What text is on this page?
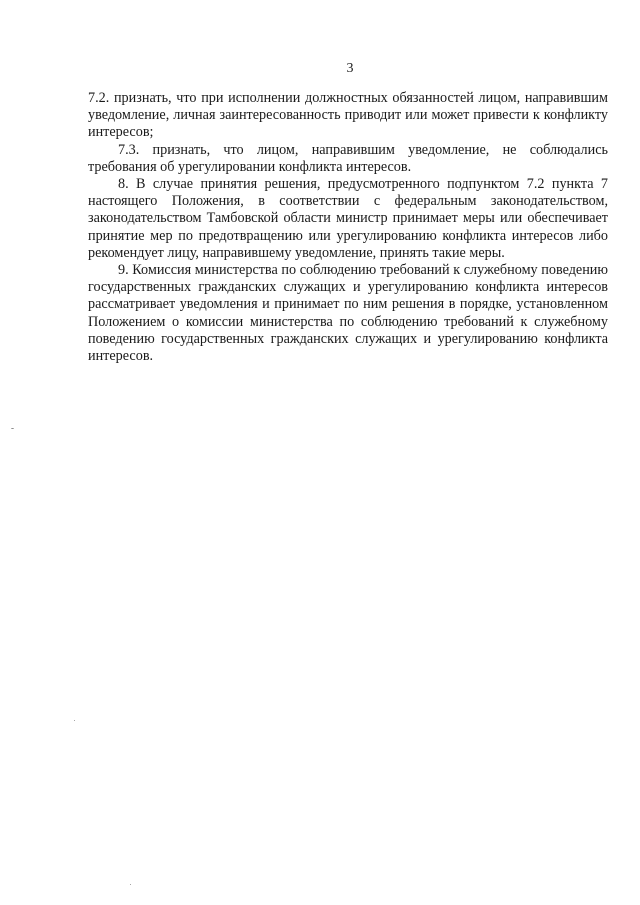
3

7.2. признать, что при исполнении должностных обязанностей лицом, направившим уведомление, личная заинтересованность приводит или может привести к конфликту интересов;

7.3. признать, что лицом, направившим уведомление, не соблюдались требования об урегулировании конфликта интересов.

8. В случае принятия решения, предусмотренного подпунктом 7.2 пункта 7 настоящего Положения, в соответствии с федеральным законодательством, законодательством Тамбовской области министр принимает меры или обеспечивает принятие мер по предотвращению или урегулированию конфликта интересов либо рекомендует лицу, направившему уведомление, принять такие меры.

9. Комиссия министерства по соблюдению требований к служебному поведению государственных гражданских служащих и урегулированию конфликта интересов рассматривает уведомления и принимает по ним решения в порядке, установленном Положением о комиссии министерства по соблюдению требований к служебному поведению государственных гражданских служащих и урегулированию конфликта интересов.
